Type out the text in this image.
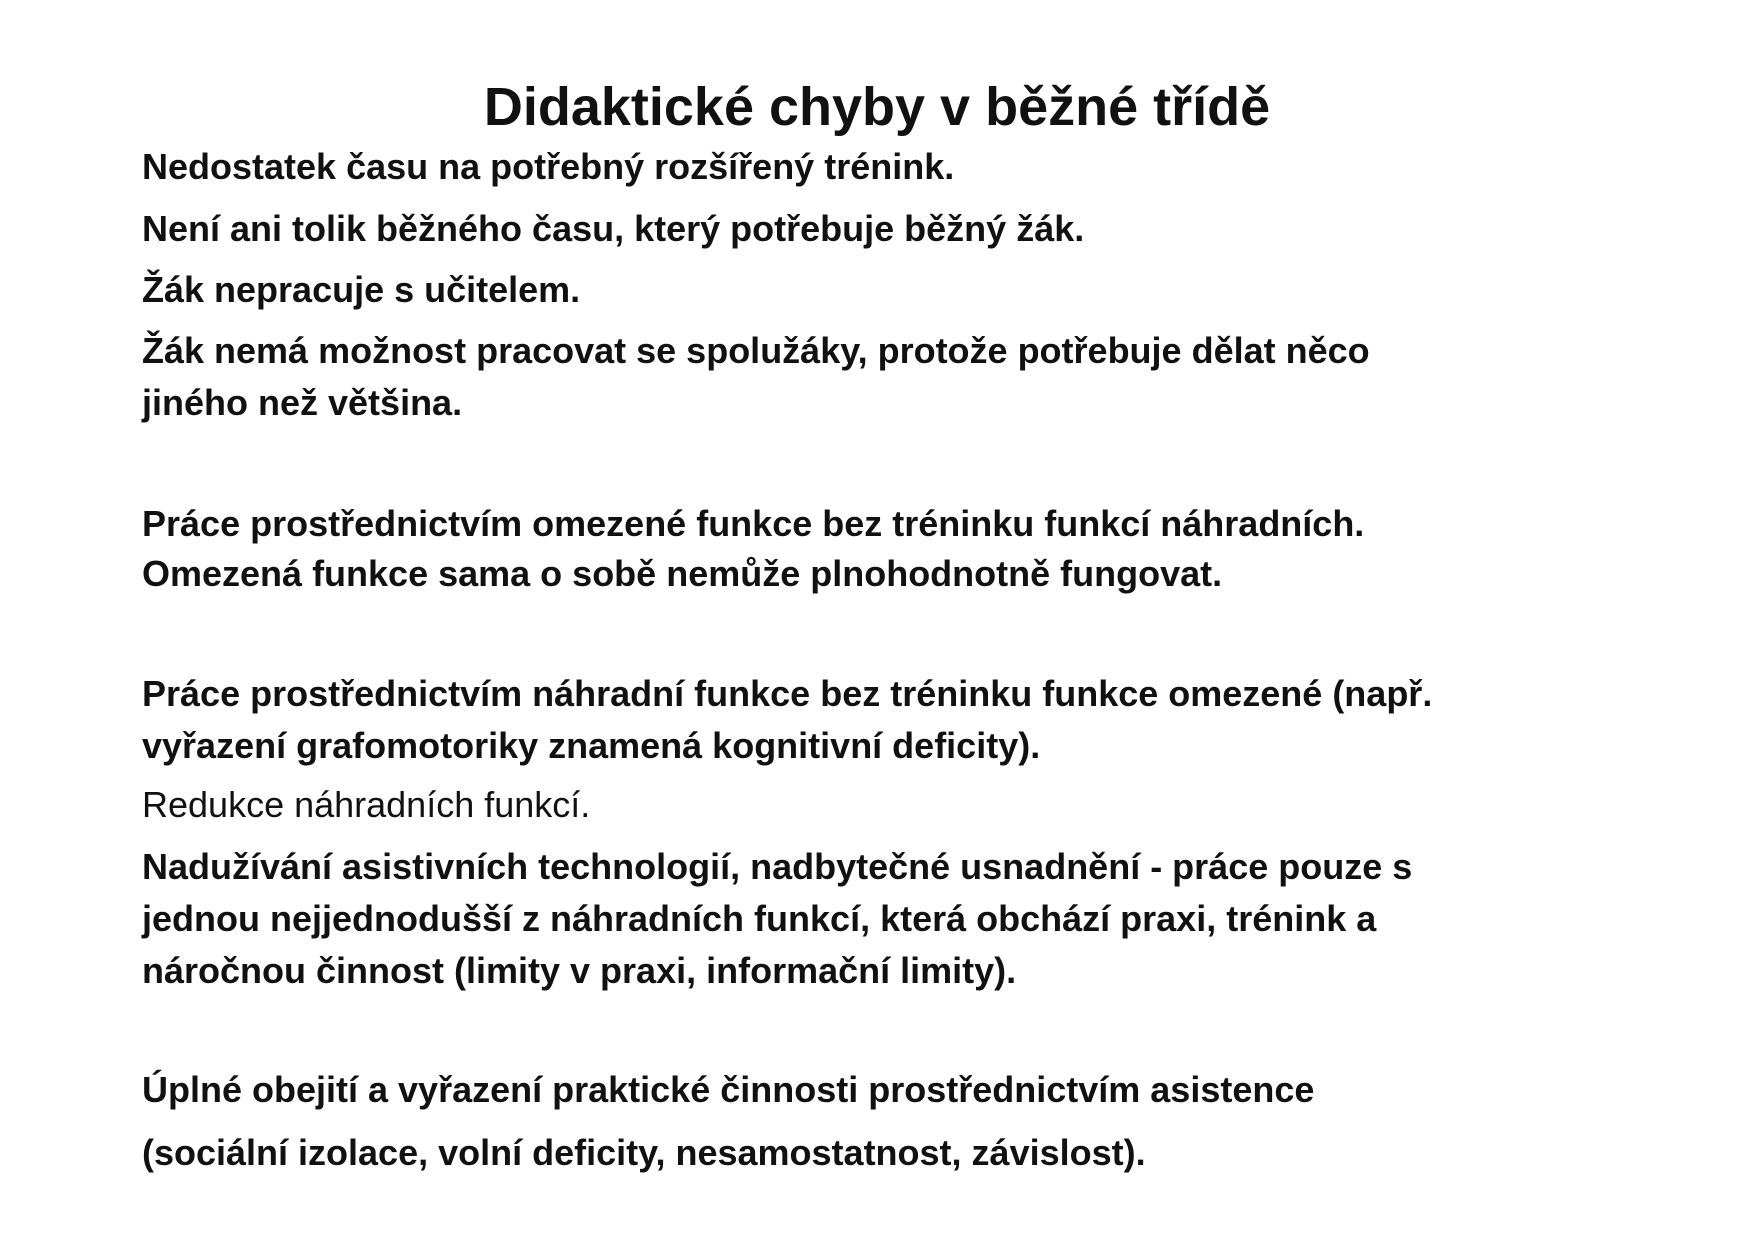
Didaktické chyby v běžné třídě
Nedostatek času na potřebný rozšířený trénink.
Není ani tolik běžného času, který potřebuje běžný žák.
Žák nepracuje s učitelem.
Žák nemá možnost pracovat se spolužáky, protože potřebuje dělat něco
jiného než většina.
Práce prostřednictvím omezené funkce bez tréninku funkcí náhradních.
Omezená funkce sama o sobě nemůže plnohodnotně fungovat.
Práce prostřednictvím náhradní funkce bez tréninku funkce omezené (např.
vyřazení grafomotoriky znamená kognitivní deficity).
Redukce náhradních funkcí.
Nadužívání asistivních technologií, nadbytečné usnadnění - práce pouze s
jednou nejjednodušší z náhradních funkcí, která obchází praxi, trénink a
náročnou činnost (limity v praxi, informační limity).
Úplné obejití a vyřazení praktické činnosti prostřednictvím asistence
(sociální izolace, volní deficity, nesamostatnost, závislost).
